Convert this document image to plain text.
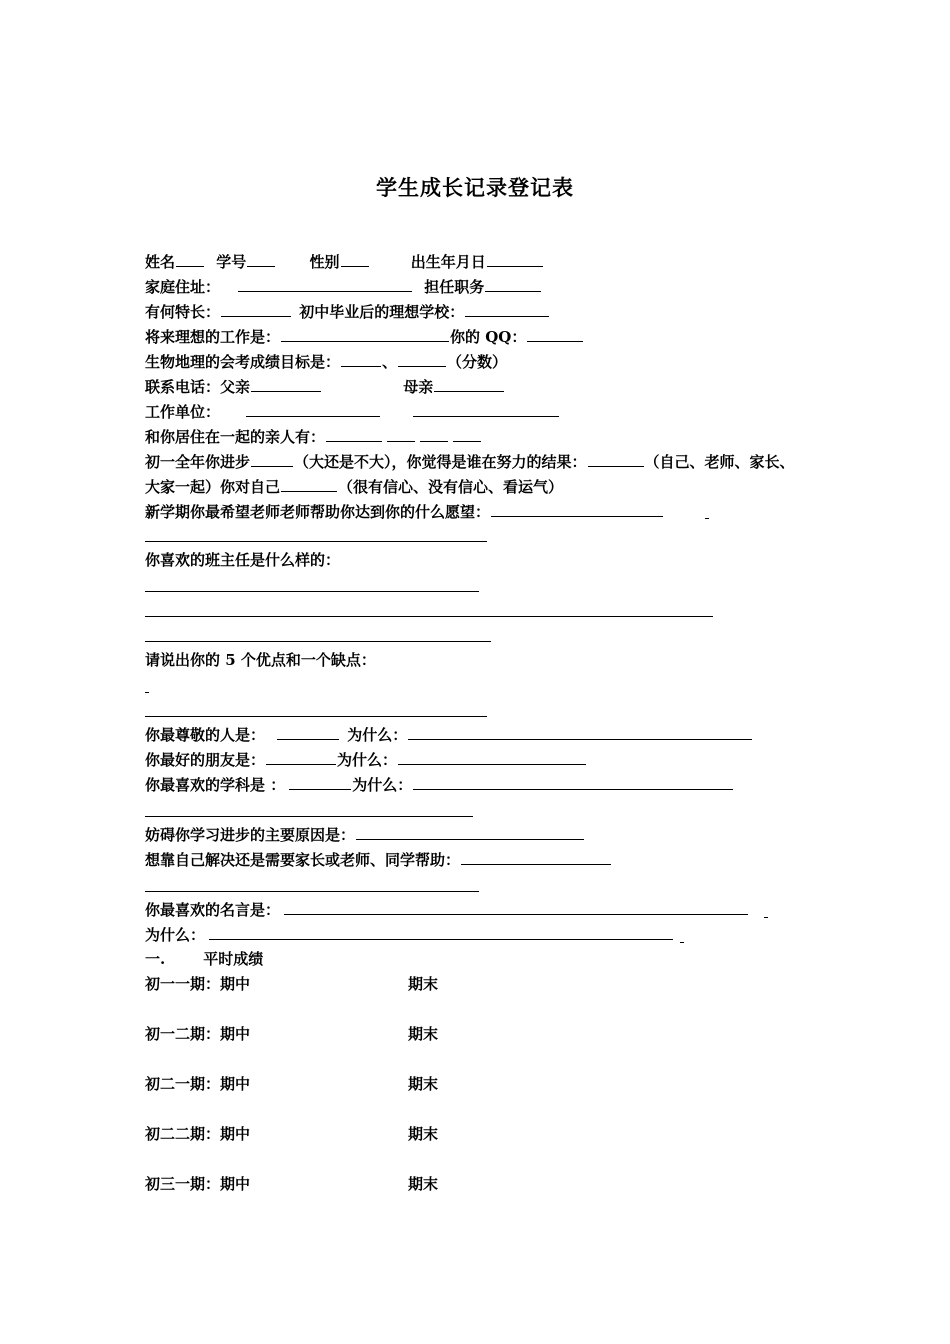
学生成长记录登记表
姓名	学号	性别	出生年月日
家庭住址：	担任职务
有何特长：	初中毕业后的理想学校：
将来理想的工作是：	你的 QQ：
生物地理的会考成绩目标是：	、	（分数）
联系电话：父亲	母亲
工作单位：
和你居住在一起的亲人有：
初一全年你进步	（大还是不大），你觉得是谁在努力的结果：	（自己、老师、家长、
大家一起）你对自己	（很有信心、没有信心、看运气）
新学期你最希望老师老师帮助你达到你的什么愿望：
你喜欢的班主任是什么样的：
请说出你的 5 个优点和一个缺点：
你最尊敬的人是：	为什么：
你最好的朋友是：	为什么：
你最喜欢的学科是 ：	为什么：
妨碍你学习进步的主要原因是：
想靠自己解决还是需要家长或老师、同学帮助：
你最喜欢的名言是：
为什么：
一.	平时成绩
初一一期：期中	期末
初一二期：期中	期末
初二一期：期中	期末
初二二期：期中	期末
初三一期：期中	期末
